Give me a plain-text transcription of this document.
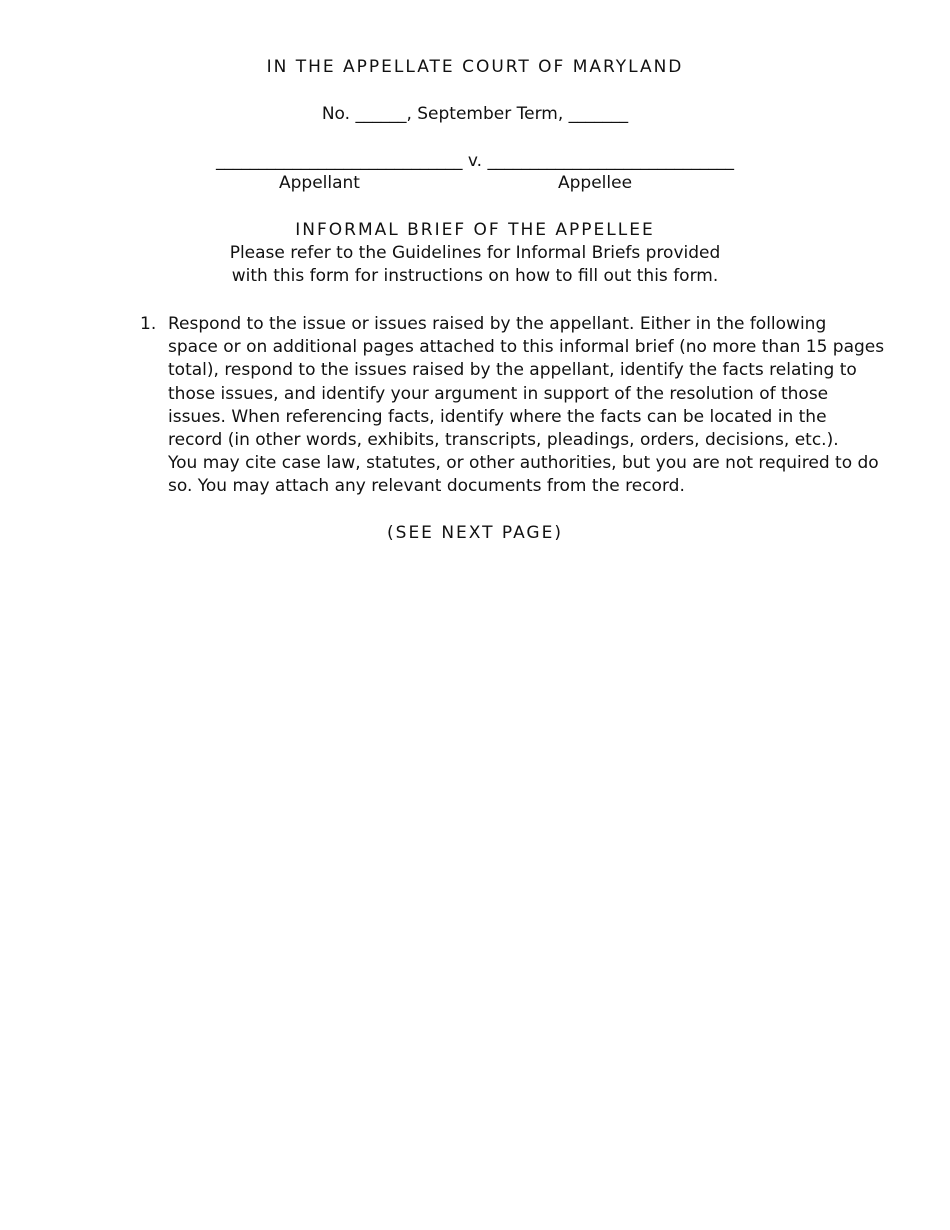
IN THE APPELLATE COURT OF MARYLAND
No. ______, September Term, _______
_____________________________ v. _____________________________
Appellant	Appellee
INFORMAL BRIEF OF THE APPELLEE
Please refer to the Guidelines for Informal Briefs provided
with this form for instructions on how to fill out this form.
1. Respond to the issue or issues raised by the appellant. Either in the following
space or on additional pages attached to this informal brief (no more than 15 pages
total), respond to the issues raised by the appellant, identify the facts relating to
those issues, and identify your argument in support of the resolution of those
issues. When referencing facts, identify where the facts can be located in the
record (in other words, exhibits, transcripts, pleadings, orders, decisions, etc.).
You may cite case law, statutes, or other authorities, but you are not required to do
so. You may attach any relevant documents from the record.
(SEE NEXT PAGE)
